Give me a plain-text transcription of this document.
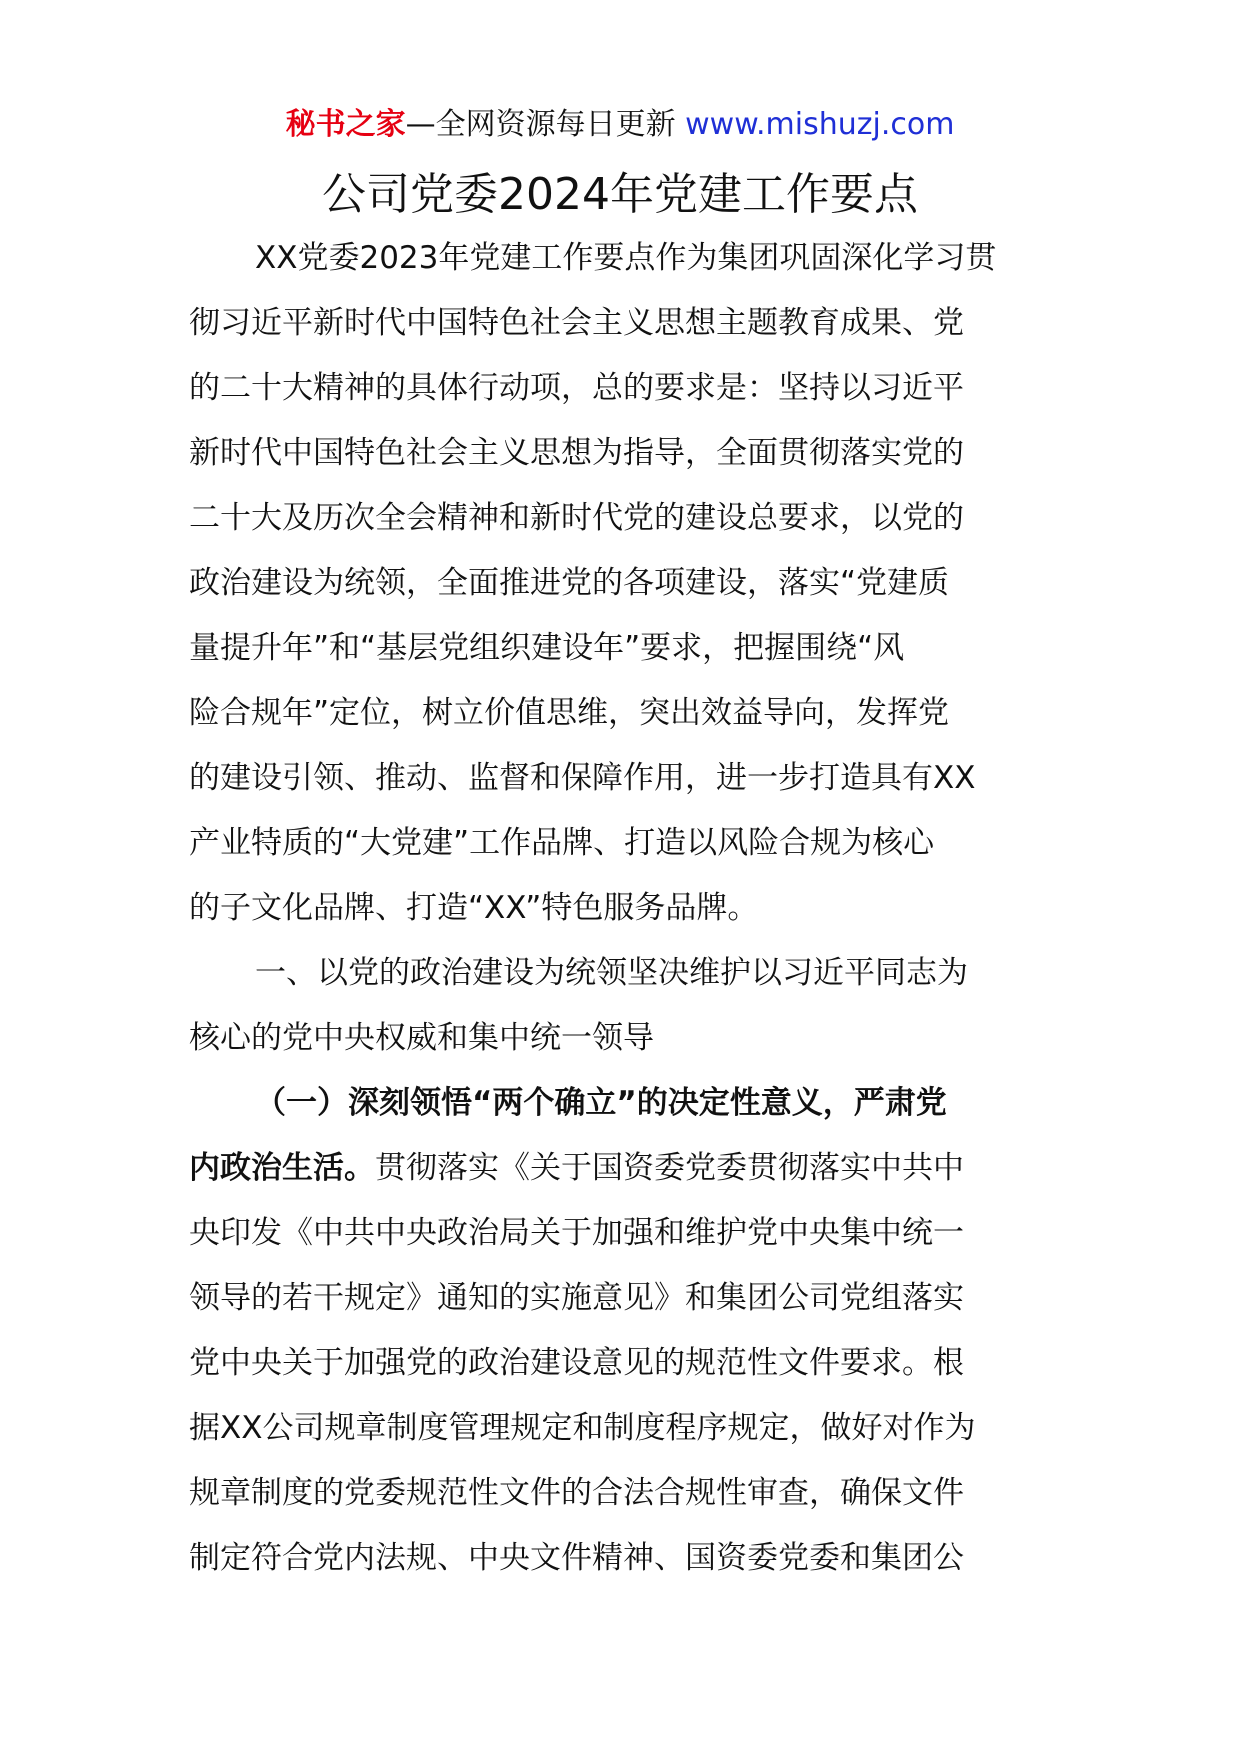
秘书之家—全网资源每日更新 www.mishuzj.com
公司党委2024年党建工作要点
XX党委2023年党建工作要点作为集团巩固深化学习贯
彻习近平新时代中国特色社会主义思想主题教育成果、党
的二十大精神的具体行动项，总的要求是：坚持以习近平
新时代中国特色社会主义思想为指导，全面贯彻落实党的
二十大及历次全会精神和新时代党的建设总要求，以党的
政治建设为统领，全面推进党的各项建设，落实“党建质
量提升年”和“基层党组织建设年”要求，把握围绕“风
险合规年”定位，树立价值思维，突出效益导向，发挥党
的建设引领、推动、监督和保障作用，进一步打造具有XX
产业特质的“大党建”工作品牌、打造以风险合规为核心
的子文化品牌、打造“XX”特色服务品牌。
一、以党的政治建设为统领坚决维护以习近平同志为
核心的党中央权威和集中统一领导
（一）深刻领悟“两个确立”的决定性意义，严肃党
内政治生活。贯彻落实《关于国资委党委贯彻落实中共中
央印发《中共中央政治局关于加强和维护党中央集中统一
领导的若干规定》通知的实施意见》和集团公司党组落实
党中央关于加强党的政治建设意见的规范性文件要求。根
据XX公司规章制度管理规定和制度程序规定，做好对作为
规章制度的党委规范性文件的合法合规性审查，确保文件
制定符合党内法规、中央文件精神、国资委党委和集团公
